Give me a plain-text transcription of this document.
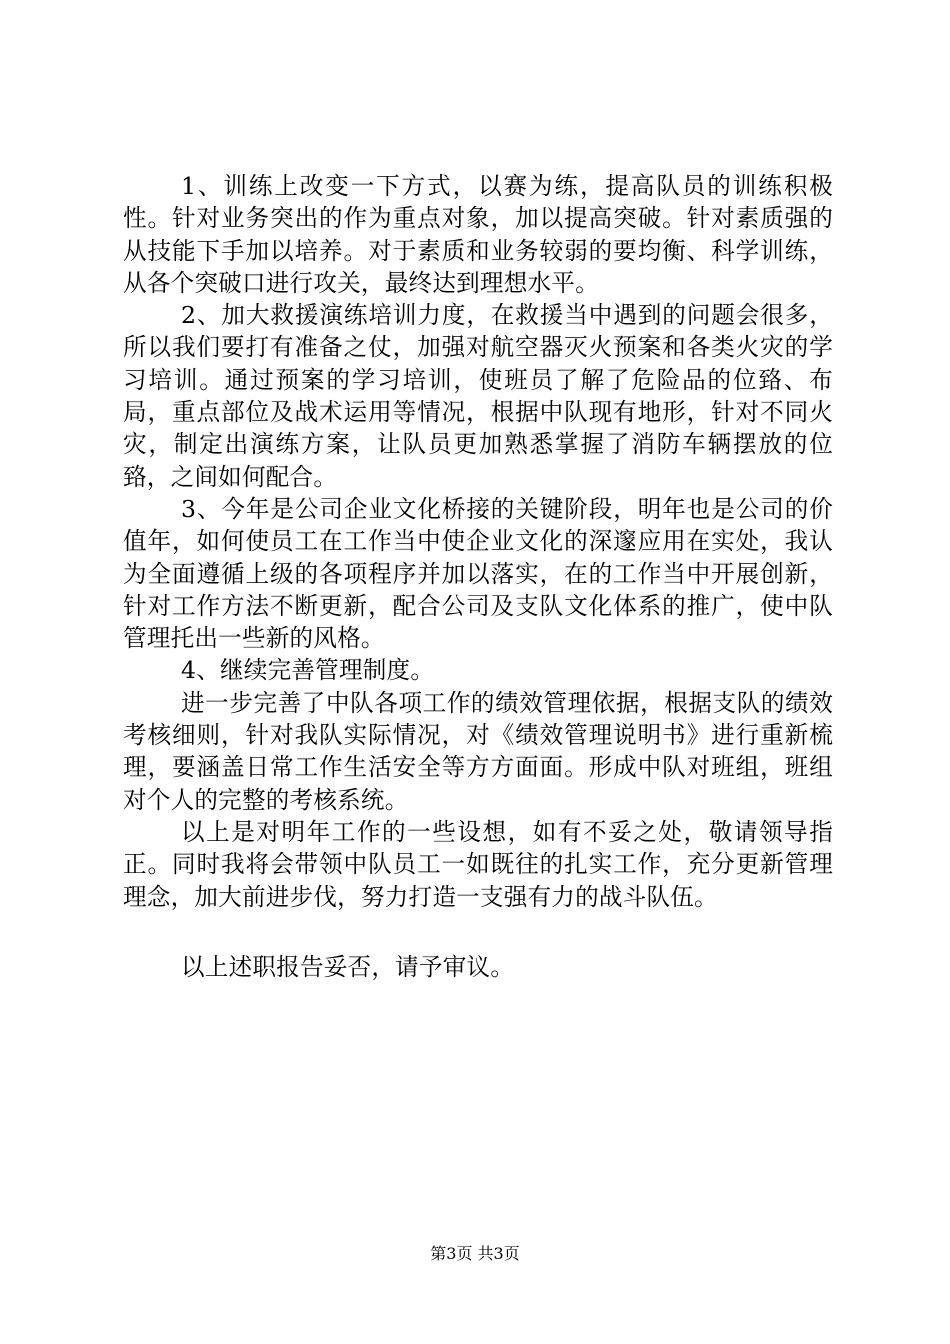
1、训练上改变一下方式，以赛为练，提高队员的训练积极性。针对业务突出的作为重点对象，加以提高突破。针对素质强的从技能下手加以培养。对于素质和业务较弱的要均衡、科学训练，从各个突破口进行攻关，最终达到理想水平。

2、加大救援演练培训力度，在救援当中遇到的问题会很多，所以我们要打有准备之仗，加强对航空器灭火预案和各类火灾的学习培训。通过预案的学习培训，使班员了解了危险品的位臵、布局，重点部位及战术运用等情况，根据中队现有地形，针对不同火灾，制定出演练方案，让队员更加熟悉掌握了消防车辆摆放的位臵，之间如何配合。

3、今年是公司企业文化桥接的关键阶段，明年也是公司的价值年，如何使员工在工作当中使企业文化的深邃应用在实处，我认为全面遵循上级的各项程序并加以落实，在的工作当中开展创新，针对工作方法不断更新，配合公司及支队文化体系的推广，使中队管理托出一些新的风格。

4、继续完善管理制度。

进一步完善了中队各项工作的绩效管理依据，根据支队的绩效考核细则，针对我队实际情况，对《绩效管理说明书》进行重新梳理，要涵盖日常工作生活安全等方方面面。形成中队对班组，班组对个人的完整的考核系统。

以上是对明年工作的一些设想，如有不妥之处，敬请领导指正。同时我将会带领中队员工一如既往的扎实工作，充分更新管理理念，加大前进步伐，努力打造一支强有力的战斗队伍。

以上述职报告妥否，请予审议。

第3页 共3页
